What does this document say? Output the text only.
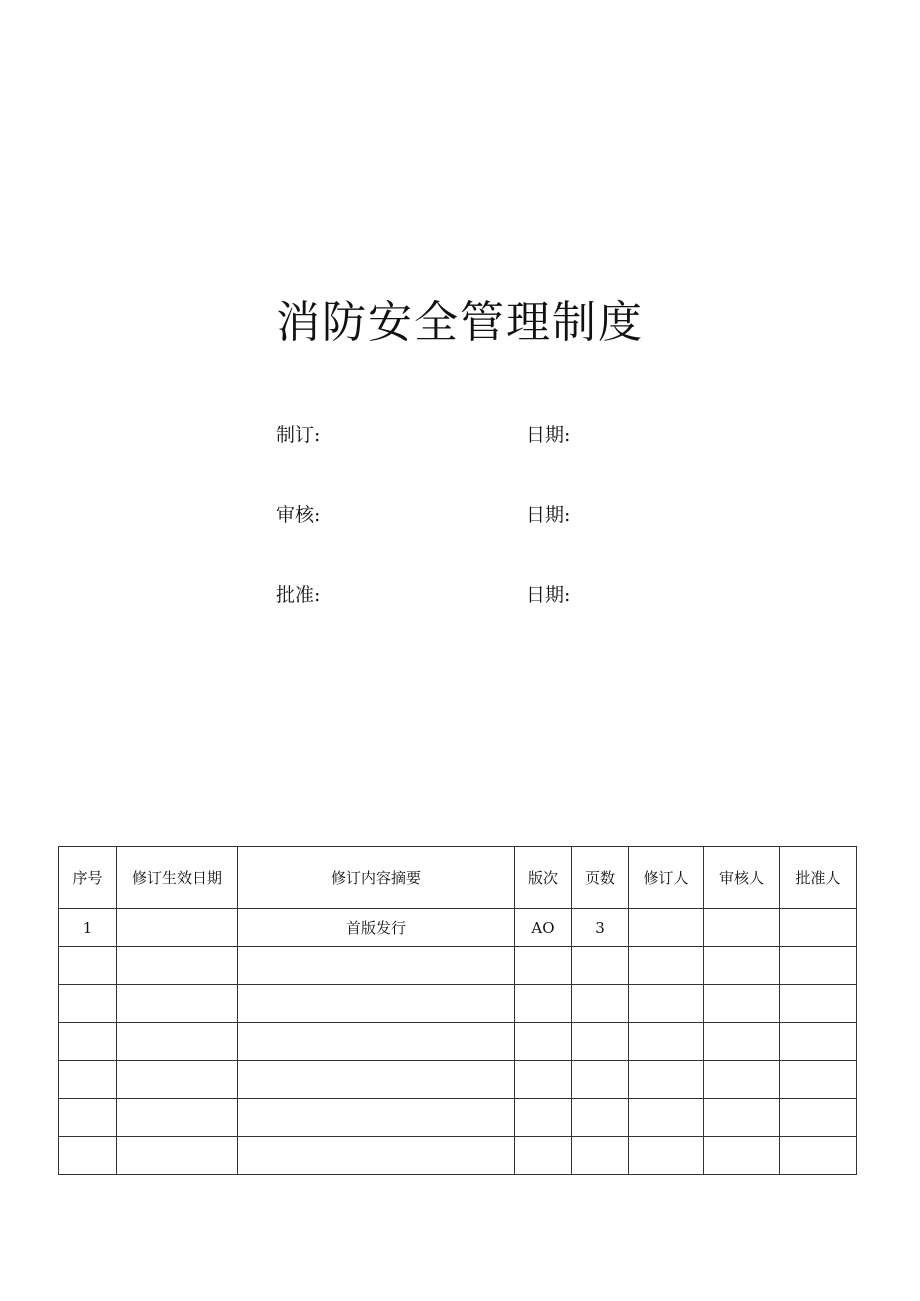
消防安全管理制度
制订:	日期:
审核:	日期:
批准:	日期:
序号	修订生效日期	修订内容摘要	版次	页数	修订人	审核人	批准人
1		首版发行	AO	3			
